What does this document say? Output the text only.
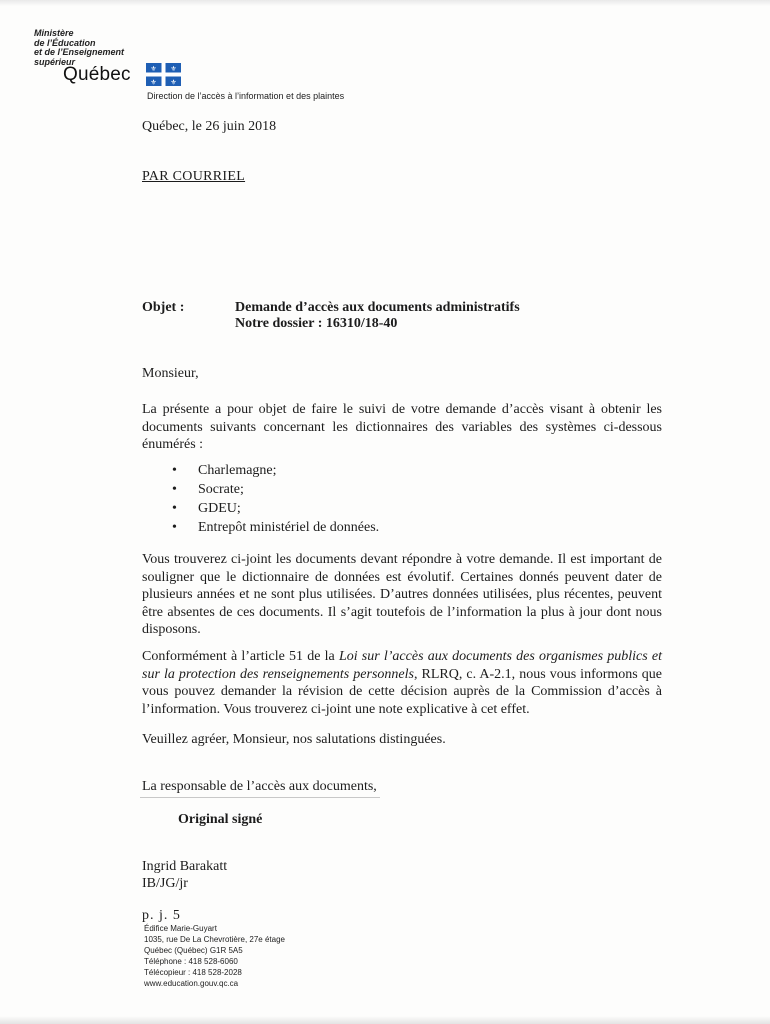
Ministère
de l’Éducation
et de l’Enseignement
supérieur
Québec	⚜ ⚜
⚜ ⚜
Direction de l’accès à l’information et des plaintes
Québec, le 26 juin 2018
PAR COURRIEL
Objet :	Demande d’accès aux documents administratifs
Notre dossier : 16310/18-40
Monsieur,
La présente a pour objet de faire le suivi de votre demande d’accès visant à obtenir les
documents suivants concernant les dictionnaires des variables des systèmes ci-dessous
énumérés :
• Charlemagne;
• Socrate;
• GDEU;
• Entrepôt ministériel de données.
Vous trouverez ci-joint les documents devant répondre à votre demande. Il est important de
souligner que le dictionnaire de données est évolutif. Certaines donnés peuvent dater de
plusieurs années et ne sont plus utilisées. D’autres données utilisées, plus récentes, peuvent
être absentes de ces documents. Il s’agit toutefois de l’information la plus à jour dont nous
disposons.
Conformément à l’article 51 de la Loi sur l’accès aux documents des organismes publics et
sur la protection des renseignements personnels, RLRQ, c. A-2.1, nous vous informons que
vous pouvez demander la révision de cette décision auprès de la Commission d’accès à
l’information. Vous trouverez ci-joint une note explicative à cet effet.
Veuillez agréer, Monsieur, nos salutations distinguées.
La responsable de l’accès aux documents,
Original signé
Ingrid Barakatt
IB/JG/jr
p. j. 5
Édifice Marie-Guyart
1035, rue De La Chevrotière, 27e étage
Québec (Québec) G1R 5A5
Téléphone : 418 528-6060
Télécopieur : 418 528-2028
www.education.gouv.qc.ca
